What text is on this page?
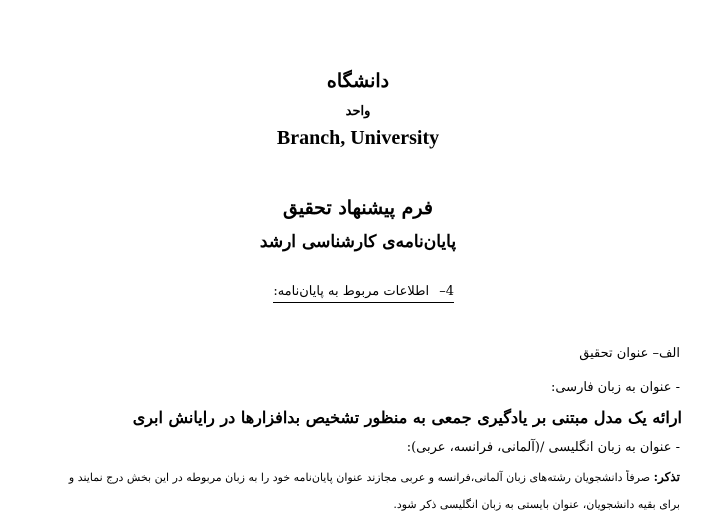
دانشگاه
واحد
Branch, University
فرم پیشنهاد تحقیق
پایان‌نامه‌ی کارشناسی ارشد
4– اطلاعات مربوط به پایان‌نامه:
الف– عنوان تحقیق
- عنوان به زبان فارسی:
ارائه یک مدل مبتنی بر یادگیری جمعی به منظور تشخیص بدافزارها در رایانش ابری
- عنوان به زبان انگلیسی /(آلمانی، فرانسه، عربی):
تذکر: صرفاً دانشجویان رشته‌های زبان آلمانی،فرانسه و عربی مجازند عنوان پایان‌نامه خود را به زبان مربوطه در این بخش درج نمایند و
برای بقیه دانشجویان، عنوان بایستی به زبان انگلیسی ذکر شود.
